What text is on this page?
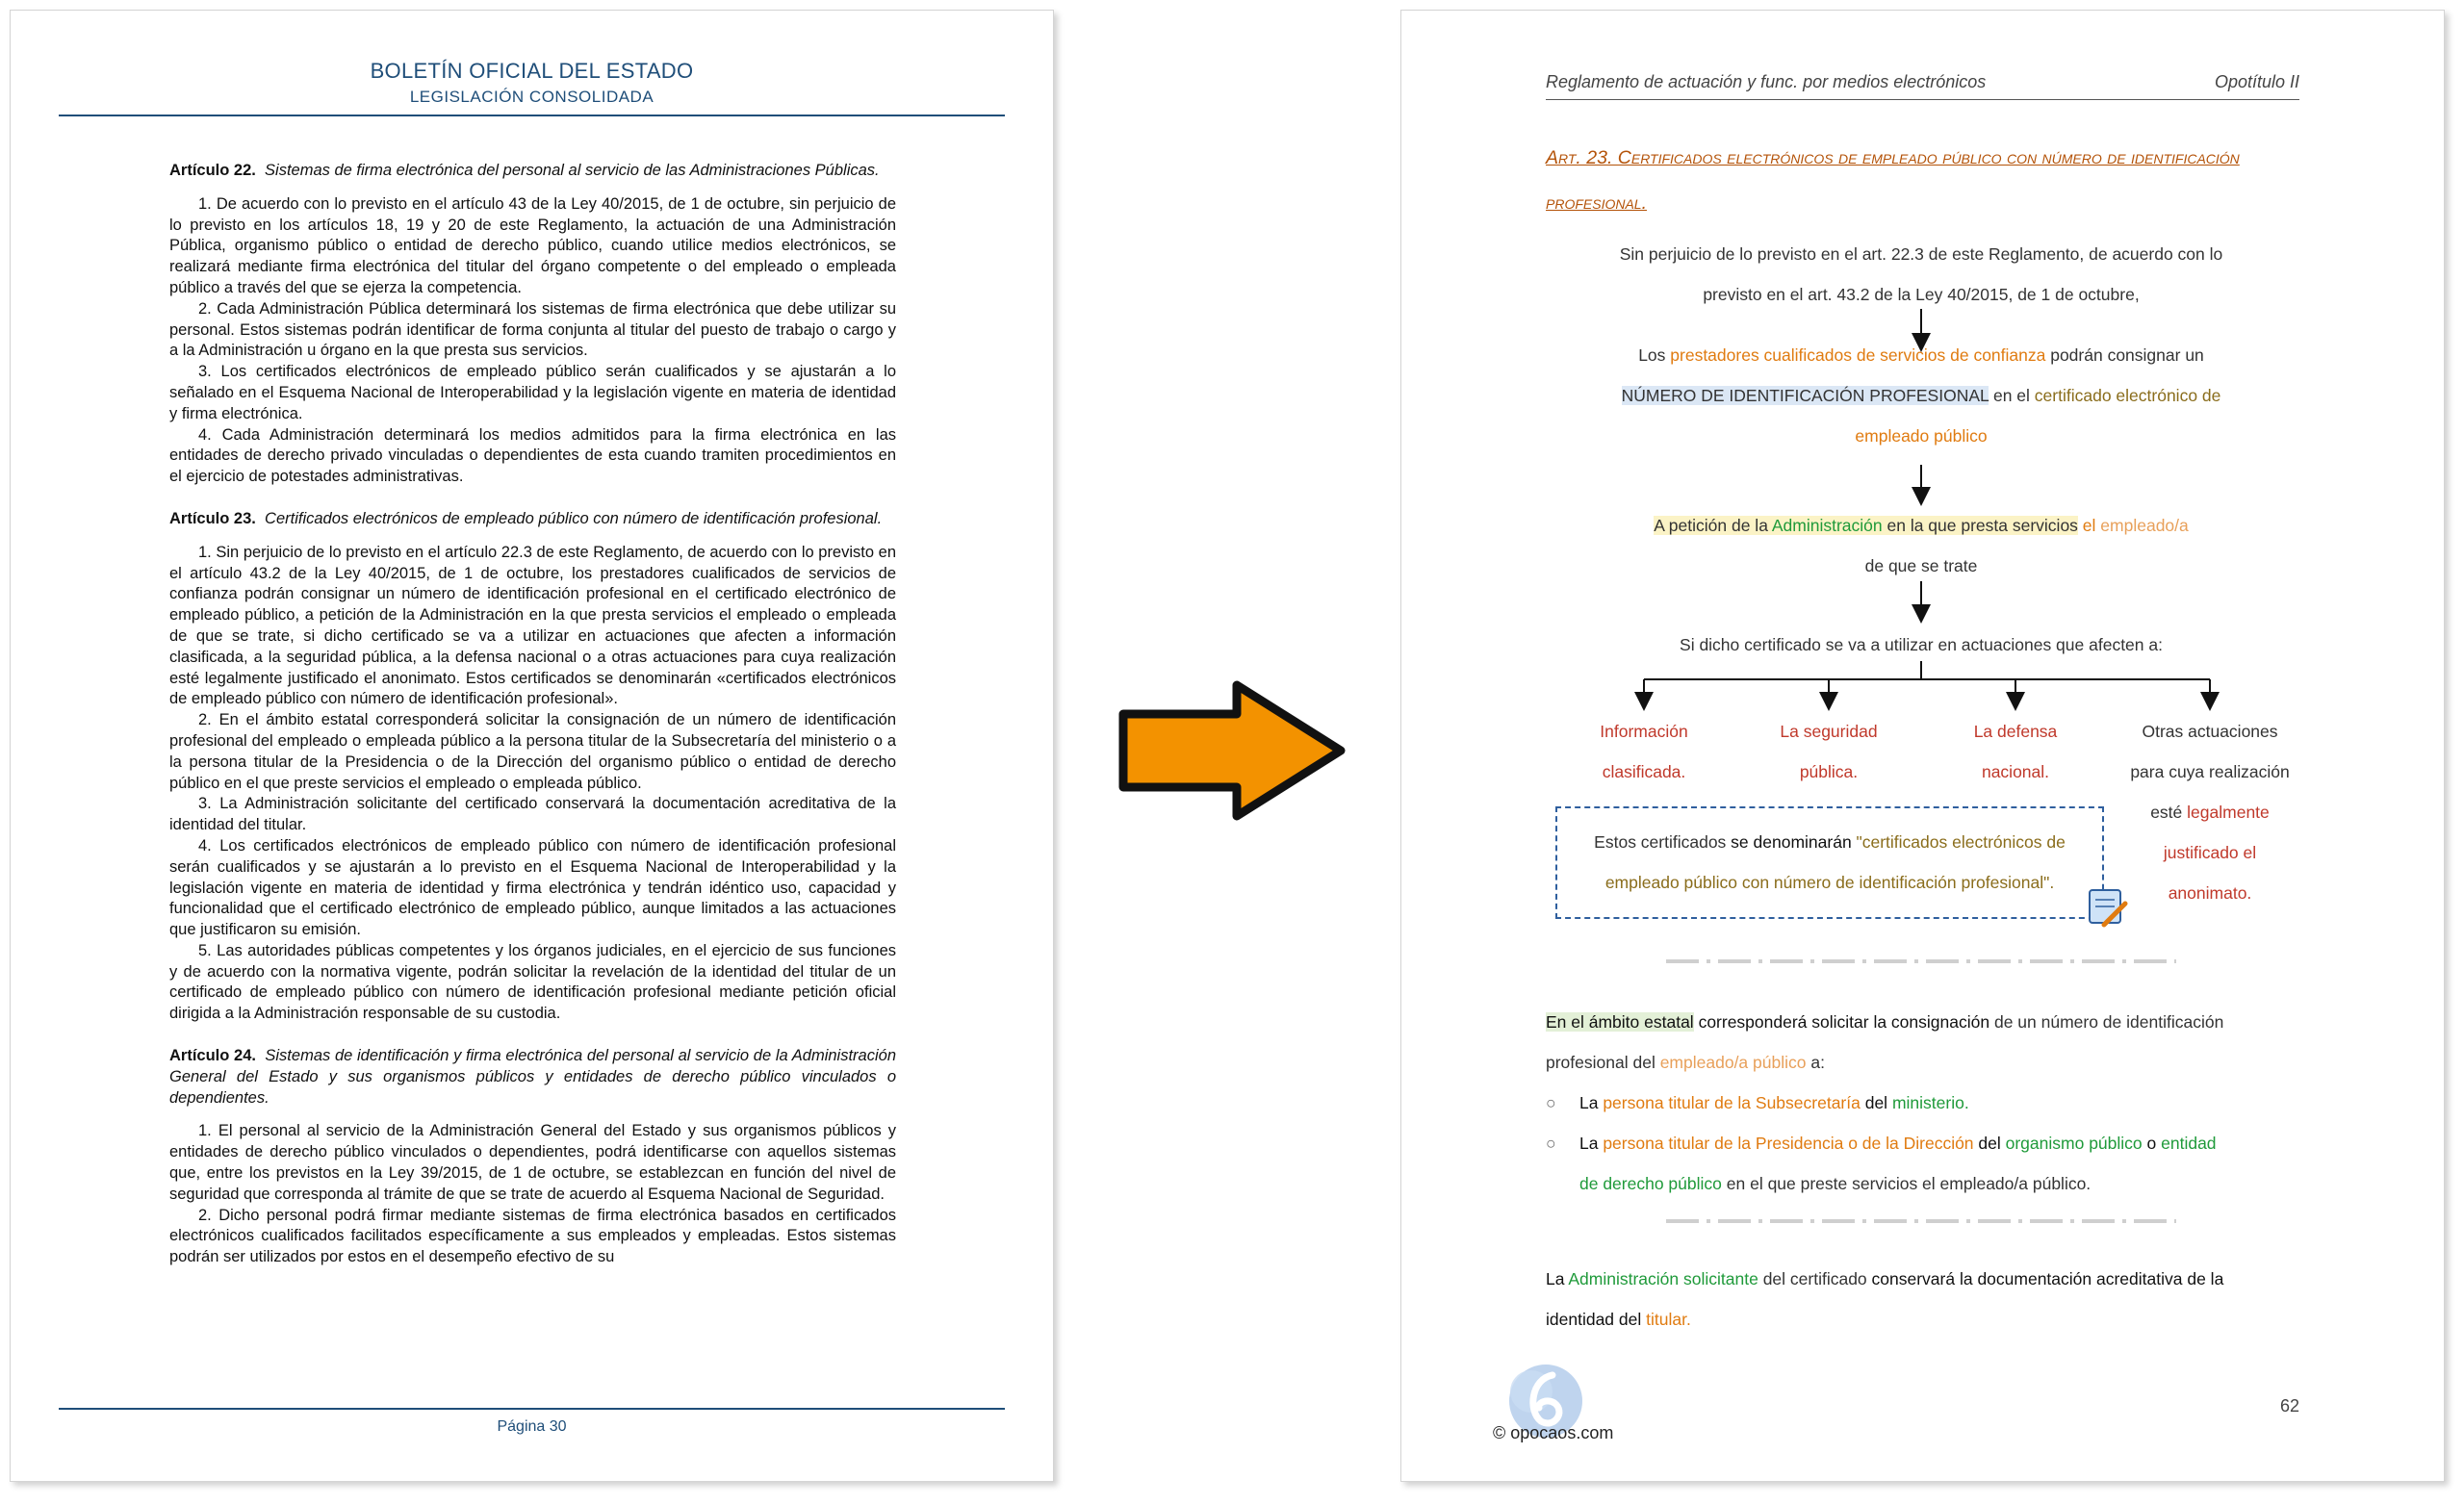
BOLETÍN OFICIAL DEL ESTADO
LEGISLACIÓN CONSOLIDADA
Artículo 22. Sistemas de firma electrónica del personal al servicio de las Administraciones Públicas.

1. De acuerdo con lo previsto en el artículo 43 de la Ley 40/2015, de 1 de octubre, sin perjuicio de lo previsto en los artículos 18, 19 y 20 de este Reglamento, la actuación de una Administración Pública, organismo público o entidad de derecho público, cuando utilice medios electrónicos, se realizará mediante firma electrónica del titular del órgano competente o del empleado o empleada público a través del que se ejerza la competencia.

2. Cada Administración Pública determinará los sistemas de firma electrónica que debe utilizar su personal. Estos sistemas podrán identificar de forma conjunta al titular del puesto de trabajo o cargo y a la Administración u órgano en la que presta sus servicios.

3. Los certificados electrónicos de empleado público serán cualificados y se ajustarán a lo señalado en el Esquema Nacional de Interoperabilidad y la legislación vigente en materia de identidad y firma electrónica.

4. Cada Administración determinará los medios admitidos para la firma electrónica en las entidades de derecho privado vinculadas o dependientes de esta cuando tramiten procedimientos en el ejercicio de potestades administrativas.

Artículo 23. Certificados electrónicos de empleado público con número de identificación profesional.

1. Sin perjuicio de lo previsto en el artículo 22.3 de este Reglamento, de acuerdo con lo previsto en el artículo 43.2 de la Ley 40/2015, de 1 de octubre, los prestadores cualificados de servicios de confianza podrán consignar un número de identificación profesional en el certificado electrónico de empleado público, a petición de la Administración en la que presta servicios el empleado o empleada de que se trate, si dicho certificado se va a utilizar en actuaciones que afecten a información clasificada, a la seguridad pública, a la defensa nacional o a otras actuaciones para cuya realización esté legalmente justificado el anonimato. Estos certificados se denominarán «certificados electrónicos de empleado público con número de identificación profesional».

2. En el ámbito estatal corresponderá solicitar la consignación de un número de identificación profesional del empleado o empleada público a la persona titular de la Subsecretaría del ministerio o a la persona titular de la Presidencia o de la Dirección del organismo público o entidad de derecho público en el que preste servicios el empleado o empleada público.

3. La Administración solicitante del certificado conservará la documentación acreditativa de la identidad del titular.

4. Los certificados electrónicos de empleado público con número de identificación profesional serán cualificados y se ajustarán a lo previsto en el Esquema Nacional de Interoperabilidad y la legislación vigente en materia de identidad y firma electrónica y tendrán idéntico uso, capacidad y funcionalidad que el certificado electrónico de empleado público, aunque limitados a las actuaciones que justificaron su emisión.

5. Las autoridades públicas competentes y los órganos judiciales, en el ejercicio de sus funciones y de acuerdo con la normativa vigente, podrán solicitar la revelación de la identidad del titular de un certificado de empleado público con número de identificación profesional mediante petición oficial dirigida a la Administración responsable de su custodia.

Artículo 24. Sistemas de identificación y firma electrónica del personal al servicio de la Administración General del Estado y sus organismos públicos y entidades de derecho público vinculados o dependientes.

1. El personal al servicio de la Administración General del Estado y sus organismos públicos y entidades de derecho público vinculados o dependientes, podrá identificarse con aquellos sistemas que, entre los previstos en la Ley 39/2015, de 1 de octubre, se establezcan en función del nivel de seguridad que corresponda al trámite de que se trate de acuerdo al Esquema Nacional de Seguridad.

2. Dicho personal podrá firmar mediante sistemas de firma electrónica basados en certificados electrónicos cualificados facilitados específicamente a sus empleados y empleadas. Estos sistemas podrán ser utilizados por estos en el desempeño efectivo de su

Página 30
Reglamento de actuación y func. por medios electrónicos	Opotítulo II
Art. 23. Certificados electrónicos de empleado público con número de identificación profesional.
Sin perjuicio de lo previsto en el art. 22.3 de este Reglamento, de acuerdo con lo
previsto en el art. 43.2 de la Ley 40/2015, de 1 de octubre,
Los prestadores cualificados de servicios de confianza podrán consignar un
NÚMERO DE IDENTIFICACIÓN PROFESIONAL en el certificado electrónico de
empleado público
A petición de la Administración en la que presta servicios el empleado/a
de que se trate
Si dicho certificado se va a utilizar en actuaciones que afecten a:
Información
clasificada.
La seguridad
pública.
La defensa
nacional.
Otras actuaciones
para cuya realización
esté legalmente
justificado el
anonimato.
Estos certificados se denominarán "certificados electrónicos de
empleado público con número de identificación profesional".
En el ámbito estatal corresponderá solicitar la consignación de un número de identificación
profesional del empleado/a público a:
○ La persona titular de la Subsecretaría del ministerio.
○ La persona titular de la Presidencia o de la Dirección del organismo público o entidad
de derecho público en el que preste servicios el empleado/a público.
La Administración solicitante del certificado conservará la documentación acreditativa de la
identidad del titular.
© opocaos.com
62
